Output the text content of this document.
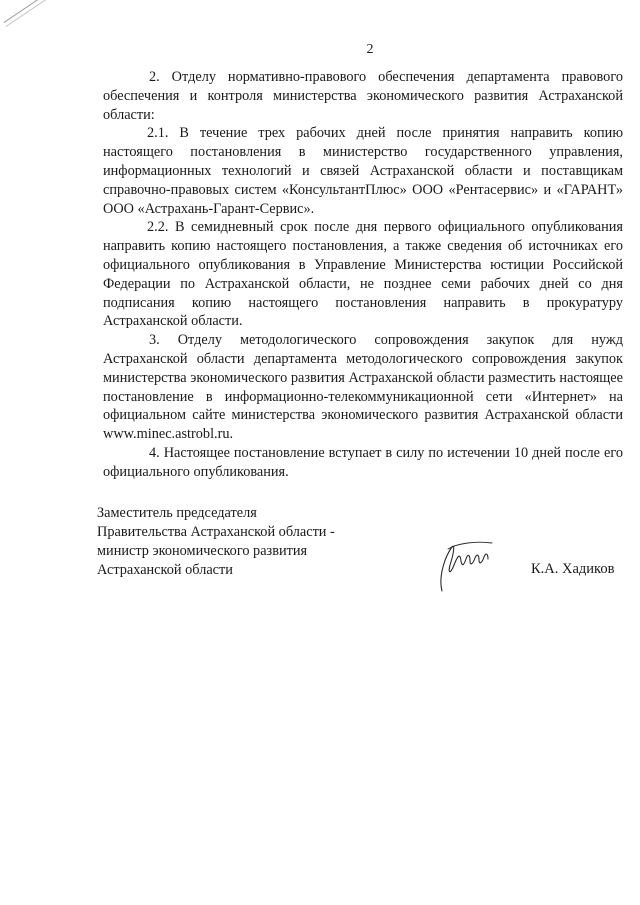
2

2. Отделу нормативно-правового обеспечения департамента правового обеспечения и контроля министерства экономического развития Астраханской области:

2.1. В течение трех рабочих дней после принятия направить копию настоящего постановления в министерство государственного управления, информационных технологий и связей Астраханской области и поставщикам справочно-правовых систем «КонсультантПлюс» ООО «Рентасервис» и «ГАРАНТ» ООО «Астрахань-Гарант-Сервис».

2.2. В семидневный срок после дня первого официального опубликования направить копию настоящего постановления, а также сведения об источниках его официального опубликования в Управление Министерства юстиции Российской Федерации по Астраханской области, не позднее семи рабочих дней со дня подписания копию настоящего постановления направить в прокуратуру Астраханской области.

3. Отделу методологического сопровождения закупок для нужд Астраханской области департамента методологического сопровождения закупок министерства экономического развития Астраханской области разместить настоящее постановление в информационно-телекоммуникационной сети «Интернет» на официальном сайте министерства экономического развития Астраханской области www.minec.astrobl.ru.

4. Настоящее постановление вступает в силу по истечении 10 дней после его официального опубликования.

Заместитель председателя
Правительства Астраханской области -
министр экономического развития
Астраханской области	К.А. Хадиков
